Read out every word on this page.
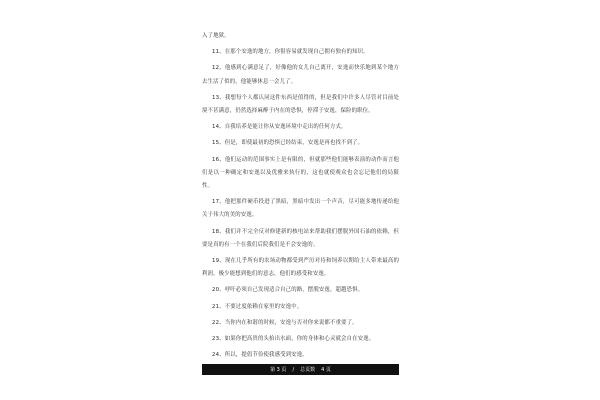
入了地狱。

11、在那个安逸的地方，你很容易就发现自己拥有独有的知识。

12、他感到心满意足了，好像他的女儿自己离开，安逸而快乐地到某个地方去生活了似的，他能够休息一会儿了。

13、我想每个人都认同这件东西是值得的，但是我们中许多人尽管对目前处境不甚满意，仍然选择麻醉于内在的恐惧，停滞于安逸，保险的职位。

14、自我培养是能让你从安逸环境中走出的任何方式。

15、但是，即使最初的恐惧已经结束，安逸是再也找不到了。

16、他们运动的范围事实上是有限的，但就那些他们能够表演的动作而言他们是以一种确定和安逸以及优雅来执行的，这也就使观众也会忘记他们的局限性。

17、他把那件硬币投进了黑暗，黑暗中发出一个声音，尽可能多地传递给他关于伟大的美的安逸。

18、我们并不完全反对修建新的核电站来帮助我们摆脱外国石油的依赖，但要是真的有一个在我们后院我们是不会安逸的。

19、现在几乎所有的农场动物都受到严厉对待和饲养以期给主人带来最高的利润，极少能想到他们的意志，他们的感受和安逸。

20、呼吁必须自己发现适合自己的路，摆脱安逸，超越恐惧。

21、不要过度依赖在家里的安逸中。

22、当你内在和谐的时候，安逸与否对你来说都不重要了。

23、如果你把高贵的头抬出水面，你的身体和心灵就会自在安逸。

24、所以，提倡节俭使我感受到安逸。

第 3 页 / 总页数 4 页
